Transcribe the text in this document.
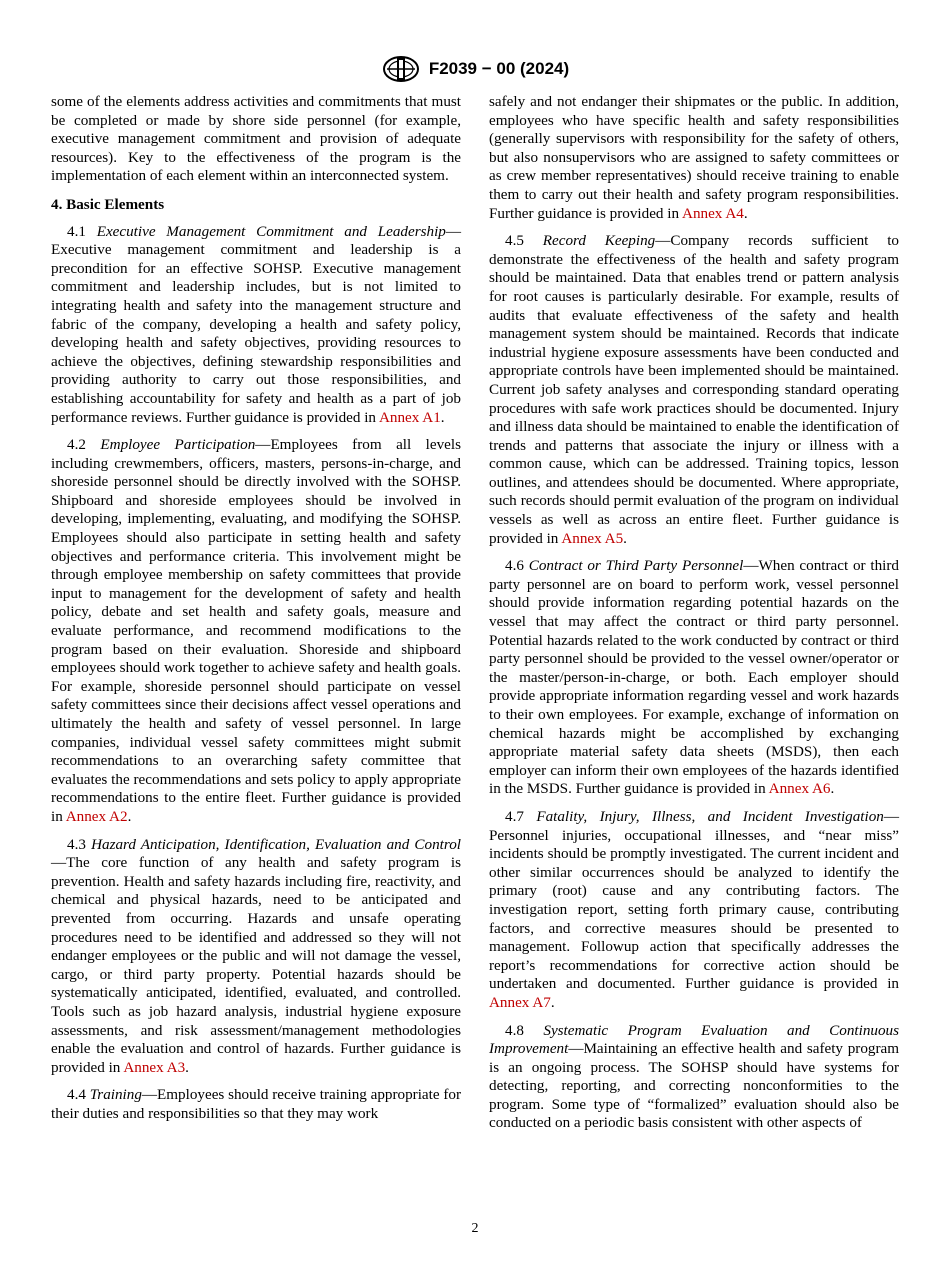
F2039 − 00 (2024)

some of the elements address activities and commitments that must be completed or made by shore side personnel (for example, executive management commitment and provision of adequate resources). Key to the effectiveness of the program is the implementation of each element within an interconnected system.

4. Basic Elements

4.1 Executive Management Commitment and Leadership—Executive management commitment and leadership is a precondition for an effective SOHSP. Executive management commitment and leadership includes, but is not limited to integrating health and safety into the management structure and fabric of the company, developing a health and safety policy, developing health and safety objectives, providing resources to achieve the objectives, defining stewardship responsibilities and providing authority to carry out those responsibilities, and establishing accountability for safety and health as a part of job performance reviews. Further guidance is provided in Annex A1.

4.2 Employee Participation—Employees from all levels including crewmembers, officers, masters, persons-in-charge, and shoreside personnel should be directly involved with the SOHSP. Shipboard and shoreside employees should be involved in developing, implementing, evaluating, and modifying the SOHSP. Employees should also participate in setting health and safety objectives and performance criteria. This involvement might be through employee membership on safety committees that provide input to management for the development of safety and health policy, debate and set health and safety goals, measure and evaluate performance, and recommend modifications to the program based on their evaluation. Shoreside and shipboard employees should work together to achieve safety and health goals. For example, shoreside personnel should participate on vessel safety committees since their decisions affect vessel operations and ultimately the health and safety of vessel personnel. In large companies, individual vessel safety committees might submit recommendations to an overarching safety committee that evaluates the recommendations and sets policy to apply appropriate recommendations to the entire fleet. Further guidance is provided in Annex A2.

4.3 Hazard Anticipation, Identification, Evaluation and Control—The core function of any health and safety program is prevention. Health and safety hazards including fire, reactivity, and chemical and physical hazards, need to be anticipated and prevented from occurring. Hazards and unsafe operating procedures need to be identified and addressed so they will not endanger employees or the public and will not damage the vessel, cargo, or third party property. Potential hazards should be systematically anticipated, identified, evaluated, and controlled. Tools such as job hazard analysis, industrial hygiene exposure assessments, and risk assessment/management methodologies enable the evaluation and control of hazards. Further guidance is provided in Annex A3.

4.4 Training—Employees should receive training appropriate for their duties and responsibilities so that they may work

safely and not endanger their shipmates or the public. In addition, employees who have specific health and safety responsibilities (generally supervisors with responsibility for the safety of others, but also nonsupervisors who are assigned to safety committees or as crew member representatives) should receive training to enable them to carry out their health and safety program responsibilities. Further guidance is provided in Annex A4.

4.5 Record Keeping—Company records sufficient to demonstrate the effectiveness of the health and safety program should be maintained. Data that enables trend or pattern analysis for root causes is particularly desirable. For example, results of audits that evaluate effectiveness of the safety and health management system should be maintained. Records that indicate industrial hygiene exposure assessments have been conducted and appropriate controls have been implemented should be maintained. Current job safety analyses and corresponding standard operating procedures with safe work practices should be documented. Injury and illness data should be maintained to enable the identification of trends and patterns that associate the injury or illness with a common cause, which can be addressed. Training topics, lesson outlines, and attendees should be documented. Where appropriate, such records should permit evaluation of the program on individual vessels as well as across an entire fleet. Further guidance is provided in Annex A5.

4.6 Contract or Third Party Personnel—When contract or third party personnel are on board to perform work, vessel personnel should provide information regarding potential hazards on the vessel that may affect the contract or third party personnel. Potential hazards related to the work conducted by contract or third party personnel should be provided to the vessel owner/operator or the master/person-in-charge, or both. Each employer should provide appropriate information regarding vessel and work hazards to their own employees. For example, exchange of information on chemical hazards might be accomplished by exchanging appropriate material safety data sheets (MSDS), then each employer can inform their own employees of the hazards identified in the MSDS. Further guidance is provided in Annex A6.

4.7 Fatality, Injury, Illness, and Incident Investigation—Personnel injuries, occupational illnesses, and “near miss” incidents should be promptly investigated. The current incident and other similar occurrences should be analyzed to identify the primary (root) cause and any contributing factors. The investigation report, setting forth primary cause, contributing factors, and corrective measures should be presented to management. Followup action that specifically addresses the report’s recommendations for corrective action should be undertaken and documented. Further guidance is provided in Annex A7.

4.8 Systematic Program Evaluation and Continuous Improvement—Maintaining an effective health and safety program is an ongoing process. The SOHSP should have systems for detecting, reporting, and correcting nonconformities to the program. Some type of “formalized” evaluation should also be conducted on a periodic basis consistent with other aspects of

2
